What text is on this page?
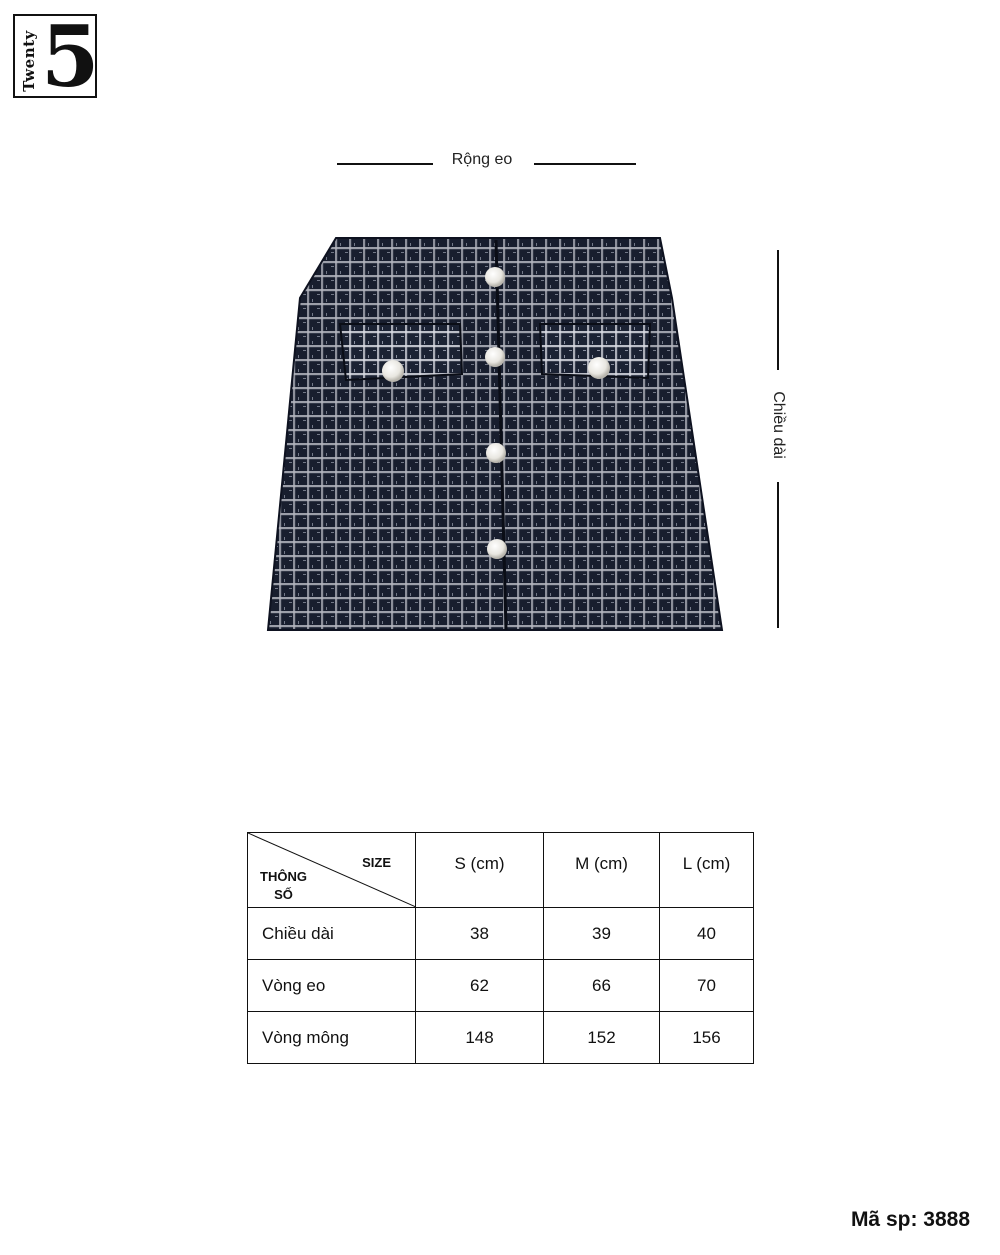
Twenty 5
Rộng eo
Chiều dài
SIZE
THÔNG
SỐ	S (cm)	M (cm)	L (cm)
Chiều dài	38	39	40
Vòng eo	62	66	70
Vòng mông	148	152	156
Mã sp: 3888
